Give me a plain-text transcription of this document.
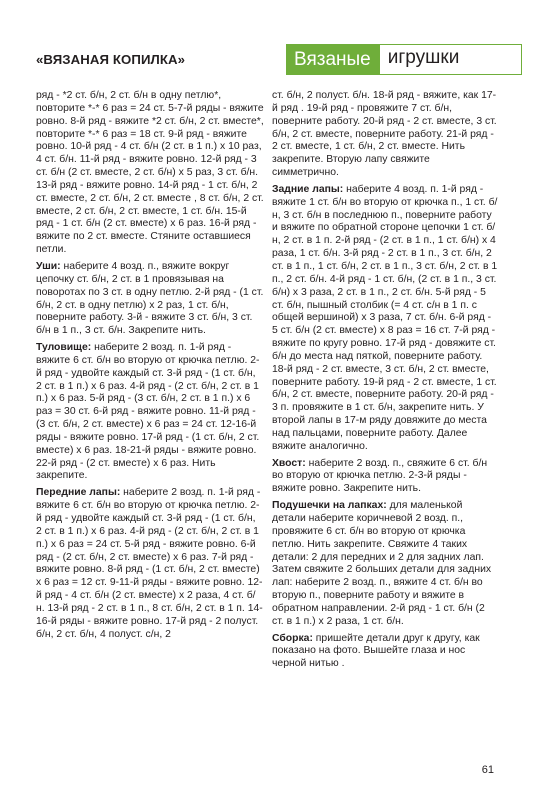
«ВЯЗАНАЯ КОПИЛКА»	Вязаные игрушки

ряд - *2 ст. б/н, 2 ст. б/н в одну петлю*, повторите *-* 6 раз = 24 ст. 5-7-й ряды - вяжите ровно. 8-й ряд - вяжите *2 ст. б/н, 2 ст. вместе*, повторите *-* 6 раз = 18 ст. 9-й ряд - вяжите ровно. 10-й ряд - 4 ст. б/н (2 ст. в 1 п.) х 10 раз, 4 ст. б/н. 11-й ряд - вяжите ровно. 12-й ряд - 3 ст. б/н (2 ст. вместе, 2 ст. б/н) х 5 раз, 3 ст. б/н. 13-й ряд - вяжите ровно. 14-й ряд - 1 ст. б/н, 2 ст. вместе, 2 ст. б/н, 2 ст. вместе , 8 ст. б/н, 2 ст. вместе, 2 ст. б/н, 2 ст. вместе, 1 ст. б/н. 15-й ряд - 1 ст. б/н (2 ст. вместе) х 6 раз. 16-й ряд - вяжите по 2 ст. вместе. Стяните оставшиеся петли.

Уши: наберите 4 возд. п., вяжите вокруг цепочку ст. б/н, 2 ст. в 1 провязывая на поворотах по 3 ст. в одну петлю. 2-й ряд - (1 ст. б/н, 2 ст. в одну петлю) х 2 раз, 1 ст. б/н, поверните работу. 3-й - вяжите 3 ст. б/н, 3 ст. б/н в 1 п., 3 ст. б/н. Закрепите нить.

Туловище: наберите 2 возд. п. 1-й ряд - вяжите 6 ст. б/н во вторую от крючка петлю. 2-й ряд - удвойте каждый ст. 3-й ряд - (1 ст. б/н, 2 ст. в 1 п.) х 6 раз. 4-й ряд - (2 ст. б/н, 2 ст. в 1 п.) х 6 раз. 5-й ряд - (3 ст. б/н, 2 ст. в 1 п.) х 6 раз = 30 ст. 6-й ряд - вяжите ровно. 11-й ряд - (3 ст. б/н, 2 ст. вместе) х 6 раз = 24 ст. 12-16-й ряды - вяжите ровно. 17-й ряд - (1 ст. б/н, 2 ст. вместе) х 6 раз. 18-21-й ряды - вяжите ровно. 22-й ряд - (2 ст. вместе) х 6 раз. Нить закрепите.

Передние лапы: наберите 2 возд. п. 1-й ряд - вяжите 6 ст. б/н во вторую от крючка петлю. 2-й ряд - удвойте каждый ст. 3-й ряд - (1 ст. б/н, 2 ст. в 1 п.) х 6 раз. 4-й ряд - (2 ст. б/н, 2 ст. в 1 п.) х 6 раз = 24 ст. 5-й ряд - вяжите ровно. 6-й ряд - (2 ст. б/н, 2 ст. вместе) х 6 раз. 7-й ряд - вяжите ровно. 8-й ряд - (1 ст. б/н, 2 ст. вместе) х 6 раз = 12 ст. 9-11-й ряды - вяжите ровно. 12-й ряд - 4 ст. б/н (2 ст. вместе) х 2 раза, 4 ст. б/н. 13-й ряд - 2 ст. в 1 п., 8 ст. б/н, 2 ст. в 1 п. 14-16-й ряды - вяжите ровно. 17-й ряд - 2 полуст. б/н, 2 ст. б/н, 4 полуст. с/н, 2

ст. б/н, 2 полуст. б/н. 18-й ряд - вяжите, как 17-й ряд . 19-й ряд - провяжите 7 ст. б/н, поверните работу. 20-й ряд - 2 ст. вместе, 3 ст. б/н, 2 ст. вместе, поверните работу. 21-й ряд - 2 ст. вместе, 1 ст. б/н, 2 ст. вместе. Нить закрепите. Вторую лапу свяжите симметрично.

Задние лапы: наберите 4 возд. п. 1-й ряд - вяжите 1 ст. б/н во вторую от крючка п., 1 ст. б/н, 3 ст. б/н в последнюю п., поверните работу и вяжите по обратной стороне цепочки 1 ст. б/н, 2 ст. в 1 п. 2-й ряд - (2 ст. в 1 п., 1 ст. б/н) х 4 раза, 1 ст. б/н. 3-й ряд - 2 ст. в 1 п., 3 ст. б/н, 2 ст. в 1 п., 1 ст. б/н, 2 ст. в 1 п., 3 ст. б/н, 2 ст. в 1 п., 2 ст. б/н. 4-й ряд - 1 ст. б/н, (2 ст. в 1 п., 3 ст. б/н) х 3 раза, 2 ст. в 1 п., 2 ст. б/н. 5-й ряд - 5 ст. б/н, пышный столбик (= 4 ст. с/н в 1 п. с общей вершиной) х 3 раза, 7 ст. б/н. 6-й ряд - 5 ст. б/н (2 ст. вместе) х 8 раз = 16 ст. 7-й ряд - вяжите по кругу ровно. 17-й ряд - довяжите ст. б/н до места над пяткой, поверните работу. 18-й ряд - 2 ст. вместе, 3 ст. б/н, 2 ст. вместе, поверните работу. 19-й ряд - 2 ст. вместе, 1 ст. б/н, 2 ст. вместе, поверните работу. 20-й ряд - 3 п. провяжите в 1 ст. б/н, закрепите нить. У второй лапы в 17-м ряду довяжите до места над пальцами, поверните работу. Далее вяжите аналогично.

Хвост: наберите 2 возд. п., свяжите 6 ст. б/н во вторую от крючка петлю. 2-3-й ряды - вяжите ровно. Закрепите нить.

Подушечки на лапках: для маленькой детали наберите коричневой 2 возд. п., провяжите 6 ст. б/н во вторую от крючка петлю. Нить закрепите. Свяжите 4 таких детали: 2 для передних и 2 для задних лап. Затем свяжите 2 больших детали для задних лап: наберите 2 возд. п., вяжите 4 ст. б/н во вторую п., поверните работу и вяжите в обратном направлении. 2-й ряд - 1 ст. б/н (2 ст. в 1 п.) х 2 раза, 1 ст. б/н.

Сборка: пришейте детали друг к другу, как показано на фото. Вышейте глаза и нос черной нитью .

61
